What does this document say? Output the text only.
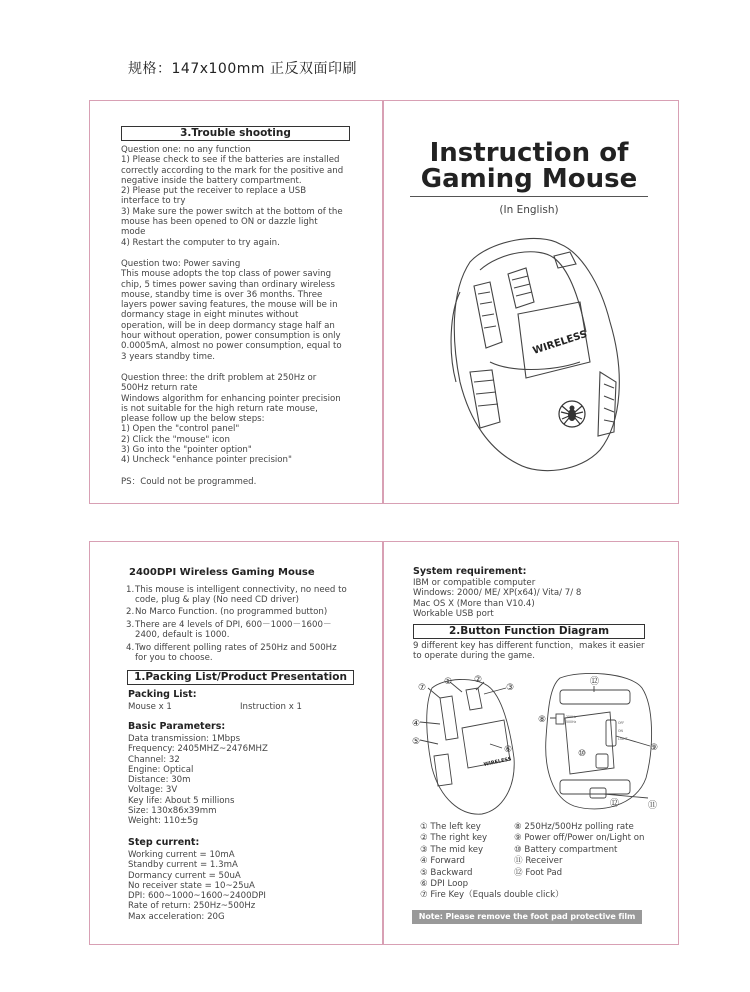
规格：147x100mm 正反双面印刷
3.Trouble shooting
Question one: no any function
1) Please check to see if the batteries are installed
correctly according to the mark for the positive and
negative inside the battery compartment.
2) Please put the receiver to replace a USB
interface to try
3) Make sure the power switch at the bottom of the
mouse has been opened to ON or dazzle light
mode
4) Restart the computer to try again.
Question two: Power saving
This mouse adopts the top class of power saving
chip, 5 times power saving than ordinary wireless
mouse, standby time is over 36 months. Three
layers power saving features, the mouse will be in
dormancy stage in eight minutes without
operation, will be in deep dormancy stage half an
hour without operation, power consumption is only
0.0005mA, almost no power consumption, equal to
3 years standby time.
Question three: the drift problem at 250Hz or
500Hz return rate
Windows algorithm for enhancing pointer precision
is not suitable for the high return rate mouse,
please follow up the below steps:
1) Open the "control panel"
2) Click the "mouse" icon
3) Go into the "pointer option"
4) Uncheck "enhance pointer precision"
PS：Could not be programmed.
Instruction of
Gaming Mouse
(In English)
WIRELESS
2400DPI Wireless Gaming Mouse
1. This mouse is intelligent connectivity, no need to
code, plug & play (No need CD driver)
2. No Marco Function. (no programmed button)
3. There are 4 levels of DPI, 600－1000－1600－
2400, default is 1000.
4. Two different polling rates of 250Hz and 500Hz
for you to choose.
1.Packing List/Product Presentation
Packing List:
Mouse x 1	Instruction x 1
Basic Parameters:
Data transmission: 1Mbps
Frequency: 2405MHZ~2476MHZ
Channel: 32
Engine: Optical
Distance: 30m
Voltage: 3V
Key life: About 5 millions
Size: 130x86x39mm
Weight: 110±5g
Step current:
Working current = 10mA
Standby current = 1.3mA
Dormancy current = 50uA
No receiver state = 10~25uA
DPI: 600~1000~1600~2400DPI
Rate of return: 250Hz~500Hz
Max acceleration: 20G
System requirement:
IBM or compatible computer
Windows: 2000/ ME/ XP(x64)/ Vita/ 7/ 8
Mac OS X (More than V10.4)
Workable USB port
2.Button Function Diagram
9 different key has different function，makes it easier
to operate during the game.
⑦
① ②
③
④
⑤
⑥
⑫
⑧
⑨
⑩
⑪
⑫
250Hz
500Hz	OFF
ON
LIGHT
WIRELESS
① The left key
② The right key
③ The mid key
④ Forward
⑤ Backward
⑥ DPI Loop
⑦ Fire Key（Equals double click）
⑧ 250Hz/500Hz polling rate
⑨ Power off/Power on/Light on
⑩ Battery compartment
⑪ Receiver
⑫ Foot Pad
Note: Please remove the foot pad protective film before use!
